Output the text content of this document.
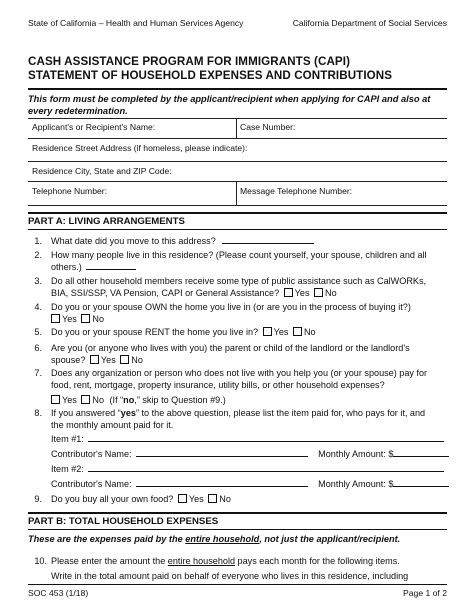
State of California – Health and Human Services Agency	California Department of Social Services
CASH ASSISTANCE PROGRAM FOR IMMIGRANTS (CAPI)
STATEMENT OF HOUSEHOLD EXPENSES AND CONTRIBUTIONS
This form must be completed by the applicant/recipient when applying for CAPI and also at every redetermination.
Applicant's or Recipient's Name:	Case Number:
Residence Street Address (if homeless, please indicate):
Residence City, State and ZIP Code:
Telephone Number:	Message Telephone Number:
PART A: LIVING ARRANGEMENTS
1. What date did you move to this address?
2. How many people live in this residence? (Please count yourself, your spouse, children and all
others.)
3. Do all other household members receive some type of public assistance such as CalWORKs,
BIA, SSI/SSP, VA Pension, CAPI or General Assistance? Yes No
4. Do you or your spouse OWN the home you live in (or are you in the process of buying it?)
Yes No
5. Do you or your spouse RENT the home you live in? Yes No
6. Are you (or anyone who lives with you) the parent or child of the landlord or the landlord's
spouse? Yes No
7. Does any organization or person who does not live with you help you (or your spouse) pay for
food, rent, mortgage, property insurance, utility bills, or other household expenses?
Yes No (If “no,” skip to Question #9.)
8. If you answered “yes” to the above question, please list the item paid for, who pays for it, and
the monthly amount paid for it.
Item #1:
Contributor's Name:	Monthly Amount: $
Item #2:
Contributor's Name:	Monthly Amount: $
9. Do you buy all your own food? Yes No
PART B: TOTAL HOUSEHOLD EXPENSES
These are the expenses paid by the entire household, not just the applicant/recipient.
10. Please enter the amount the entire household pays each month for the following items.
Write in the total amount paid on behalf of everyone who lives in this residence, including
SOC 453 (1/18)	Page 1 of 2
